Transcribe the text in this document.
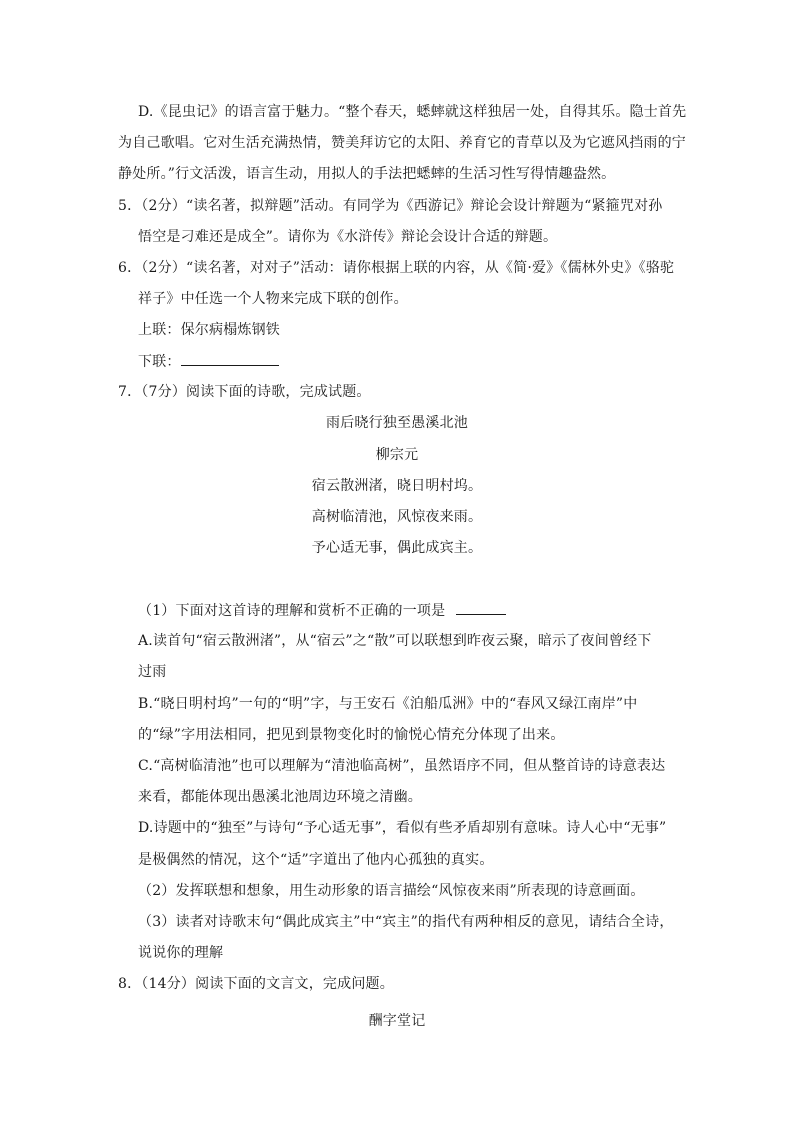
D.《昆虫记》的语言富于魅力。“整个春天，蟋蟀就这样独居一处，自得其乐。隐士首先
为自己歌唱。它对生活充满热情，赞美拜访它的太阳、养育它的青草以及为它遮风挡雨的宁
静处所。”行文活泼，语言生动，用拟人的手法把蟋蟀的生活习性写得情趣盎然。
5．（2分）“读名著，拟辩题”活动。有同学为《西游记》辩论会设计辩题为“紧箍咒对孙
悟空是刁难还是成全”。请你为《水浒传》辩论会设计合适的辩题。
6．（2分）“读名著，对对子”活动：请你根据上联的内容，从《简·爱》《儒林外史》《骆驼
祥子》中任选一个人物来完成下联的创作。
上联：保尔病榻炼钢铁
下联：
7．（7分）阅读下面的诗歌，完成试题。
雨后晓行独至愚溪北池
柳宗元
宿云散洲渚，晓日明村坞。
高树临清池，风惊夜来雨。
予心适无事，偶此成宾主。
（1）下面对这首诗的理解和赏析不正确的一项是
A.读首句“宿云散洲渚”，从“宿云”之“散”可以联想到昨夜云聚，暗示了夜间曾经下
过雨
B.“晓日明村坞”一句的“明”字，与王安石《泊船瓜洲》中的“春风又绿江南岸”中
的“绿”字用法相同，把见到景物变化时的愉悦心情充分体现了出来。
C.“高树临清池”也可以理解为“清池临高树”，虽然语序不同，但从整首诗的诗意表达
来看，都能体现出愚溪北池周边环境之清幽。
D.诗题中的“独至”与诗句“予心适无事”，看似有些矛盾却别有意味。诗人心中“无事”
是极偶然的情况，这个“适”字道出了他内心孤独的真实。
（2）发挥联想和想象，用生动形象的语言描绘“风惊夜来雨”所表现的诗意画面。
（3）读者对诗歌末句“偶此成宾主”中“宾主”的指代有两种相反的意见，请结合全诗，
说说你的理解
8．（14分）阅读下面的文言文，完成问题。
酬字堂记
